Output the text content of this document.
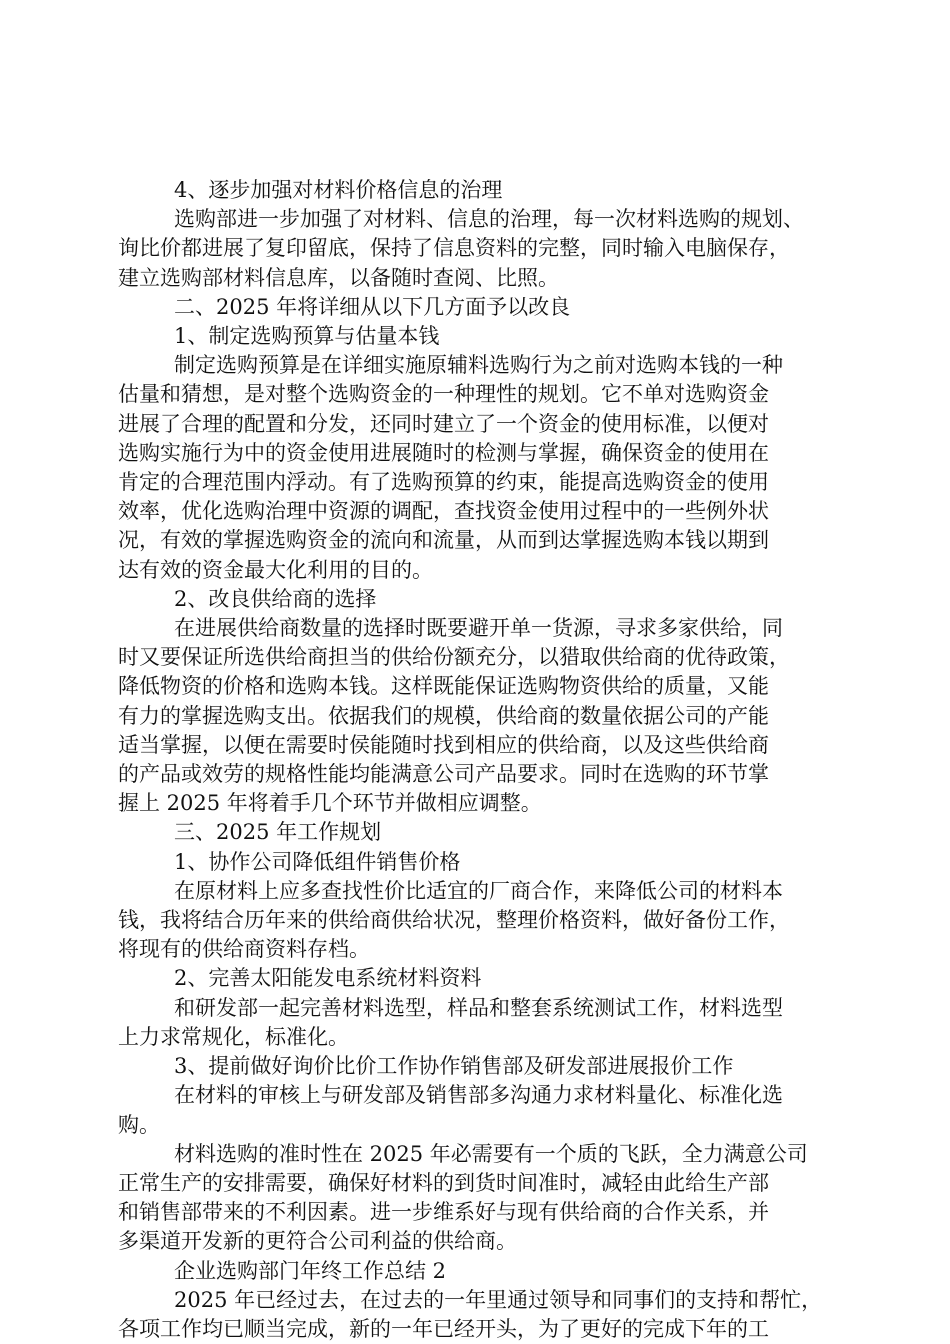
4、逐步加强对材料价格信息的治理
选购部进一步加强了对材料、信息的治理，每一次材料选购的规划、
询比价都进展了复印留底，保持了信息资料的完整，同时输入电脑保存，
建立选购部材料信息库，以备随时查阅、比照。
二、2025 年将详细从以下几方面予以改良
1、制定选购预算与估量本钱
制定选购预算是在详细实施原辅料选购行为之前对选购本钱的一种
估量和猜想，是对整个选购资金的一种理性的规划。它不单对选购资金
进展了合理的配置和分发，还同时建立了一个资金的使用标准，以便对
选购实施行为中的资金使用进展随时的检测与掌握，确保资金的使用在
肯定的合理范围内浮动。有了选购预算的约束，能提高选购资金的使用
效率，优化选购治理中资源的调配，查找资金使用过程中的一些例外状
况，有效的掌握选购资金的流向和流量，从而到达掌握选购本钱以期到
达有效的资金最大化利用的目的。
2、改良供给商的选择
在进展供给商数量的选择时既要避开单一货源，寻求多家供给，同
时又要保证所选供给商担当的供给份额充分，以猎取供给商的优待政策，
降低物资的价格和选购本钱。这样既能保证选购物资供给的质量，又能
有力的掌握选购支出。依据我们的规模，供给商的数量依据公司的产能
适当掌握，以便在需要时侯能随时找到相应的供给商，以及这些供给商
的产品或效劳的规格性能均能满意公司产品要求。同时在选购的环节掌
握上 2025 年将着手几个环节并做相应调整。
三、2025 年工作规划
1、协作公司降低组件销售价格
在原材料上应多查找性价比适宜的厂商合作，来降低公司的材料本
钱，我将结合历年来的供给商供给状况，整理价格资料，做好备份工作，
将现有的供给商资料存档。
2、完善太阳能发电系统材料资料
和研发部一起完善材料选型，样品和整套系统测试工作，材料选型
上力求常规化，标准化。
3、提前做好询价比价工作协作销售部及研发部进展报价工作
在材料的审核上与研发部及销售部多沟通力求材料量化、标准化选
购。
材料选购的准时性在 2025 年必需要有一个质的飞跃，全力满意公司
正常生产的安排需要，确保好材料的到货时间准时，减轻由此给生产部
和销售部带来的不利因素。进一步维系好与现有供给商的合作关系，并
多渠道开发新的更符合公司利益的供给商。
企业选购部门年终工作总结 2
2025 年已经过去，在过去的一年里通过领导和同事们的支持和帮忙，
各项工作均已顺当完成，新的一年已经开头，为了更好的完成下年的工
